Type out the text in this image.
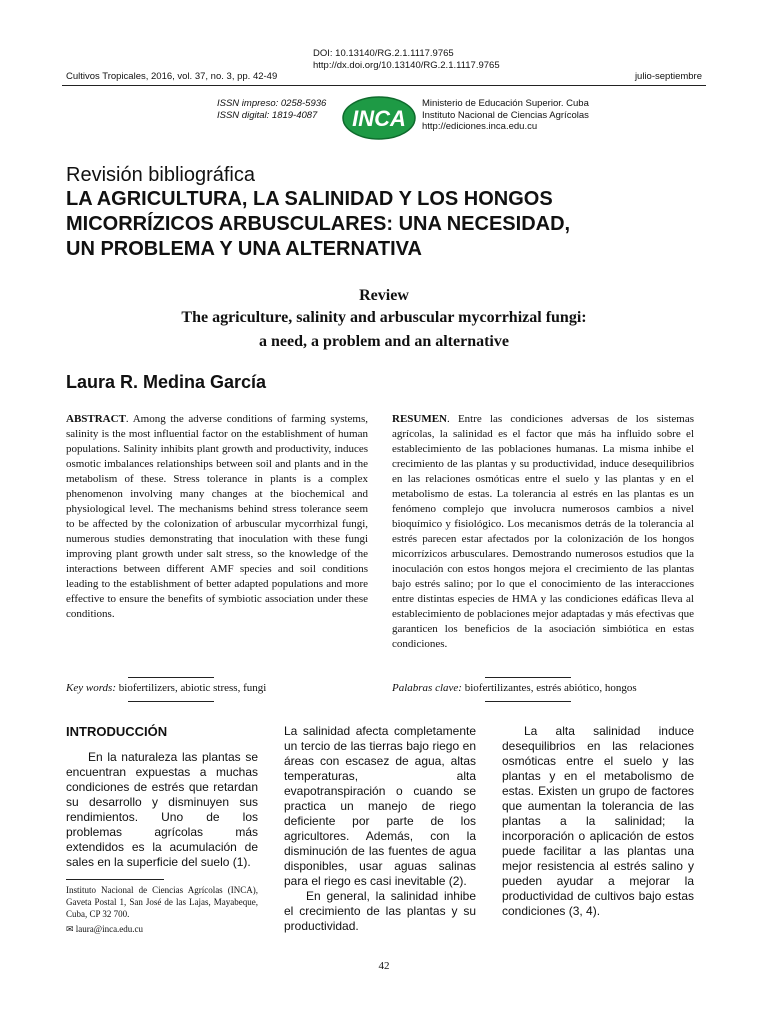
DOI: 10.13140/RG.2.1.1117.9765
http://dx.doi.org/10.13140/RG.2.1.1117.9765
Cultivos Tropicales, 2016, vol. 37, no. 3, pp. 42-49	julio-septiembre
ISSN impreso: 0258-5936
ISSN digital: 1819-4087	INCA
Ministerio de Educación Superior. Cuba
Instituto Nacional de Ciencias Agrícolas
http://ediciones.inca.edu.cu
Revisión bibliográfica
LA AGRICULTURA, LA SALINIDAD Y LOS HONGOS
MICORRÍZICOS ARBUSCULARES: UNA NECESIDAD,
UN PROBLEMA Y UNA ALTERNATIVA
Review
The agriculture, salinity and arbuscular mycorrhizal fungi:
a need, a problem and an alternative
Laura R. Medina García
ABSTRACT. Among the adverse conditions of farming systems, salinity is the most influential factor on the establishment of human populations. Salinity inhibits plant growth and productivity, induces osmotic imbalances relationships between soil and plants and in the metabolism of these. Stress tolerance in plants is a complex phenomenon involving many changes at the biochemical and physiological level. The mechanisms behind stress tolerance seem to be affected by the colonization of arbuscular mycorrhizal fungi, numerous studies demonstrating that inoculation with these fungi improving plant growth under salt stress, so the knowledge of the interactions between different AMF species and soil conditions leading to the establishment of better adapted populations and more effective to ensure the benefits of symbiotic association under these conditions.
RESUMEN. Entre las condiciones adversas de los sistemas agrícolas, la salinidad es el factor que más ha influido sobre el establecimiento de las poblaciones humanas. La misma inhibe el crecimiento de las plantas y su productividad, induce desequilibrios en las relaciones osmóticas entre el suelo y las plantas y en el metabolismo de estas. La tolerancia al estrés en las plantas es un fenómeno complejo que involucra numerosos cambios a nivel bioquímico y fisiológico. Los mecanismos detrás de la tolerancia al estrés parecen estar afectados por la colonización de los hongos micorrízicos arbusculares. Demostrando numerosos estudios que la inoculación con estos hongos mejora el crecimiento de las plantas bajo estrés salino; por lo que el conocimiento de las interacciones entre distintas especies de HMA y las condiciones edáficas lleva al establecimiento de poblaciones mejor adaptadas y más efectivas que garanticen los beneficios de la asociación simbiótica en estas condiciones.
Key words: biofertilizers, abiotic stress, fungi	Palabras clave: biofertilizantes, estrés abiótico, hongos
INTRODUCCIÓN

En la naturaleza las plantas se encuentran expuestas a muchas condiciones de estrés que retardan su desarrollo y disminuyen sus rendimientos. Uno de los problemas agrícolas más extendidos es la acumulación de sales en la superficie del suelo (1).

La salinidad afecta completamente un tercio de las tierras bajo riego en áreas con escasez de agua, altas temperaturas, alta evapotranspiración o cuando se practica un manejo de riego deficiente por parte de los agricultores. Además, con la disminución de las fuentes de agua disponibles, usar aguas salinas para el riego es casi inevitable (2).

En general, la salinidad inhibe el crecimiento de las plantas y su productividad.

La alta salinidad induce desequilibrios en las relaciones osmóticas entre el suelo y las plantas y en el metabolismo de estas. Existen un grupo de factores que aumentan la tolerancia de las plantas a la salinidad; la incorporación o aplicación de estos puede facilitar a las plantas una mejor resistencia al estrés salino y pueden ayudar a mejorar la productividad de cultivos bajo estas condiciones (3, 4).

Instituto Nacional de Ciencias Agrícolas (INCA), Gaveta Postal 1, San José de las Lajas, Mayabeque, Cuba, CP 32 700.
✉ laura@inca.edu.cu
42
